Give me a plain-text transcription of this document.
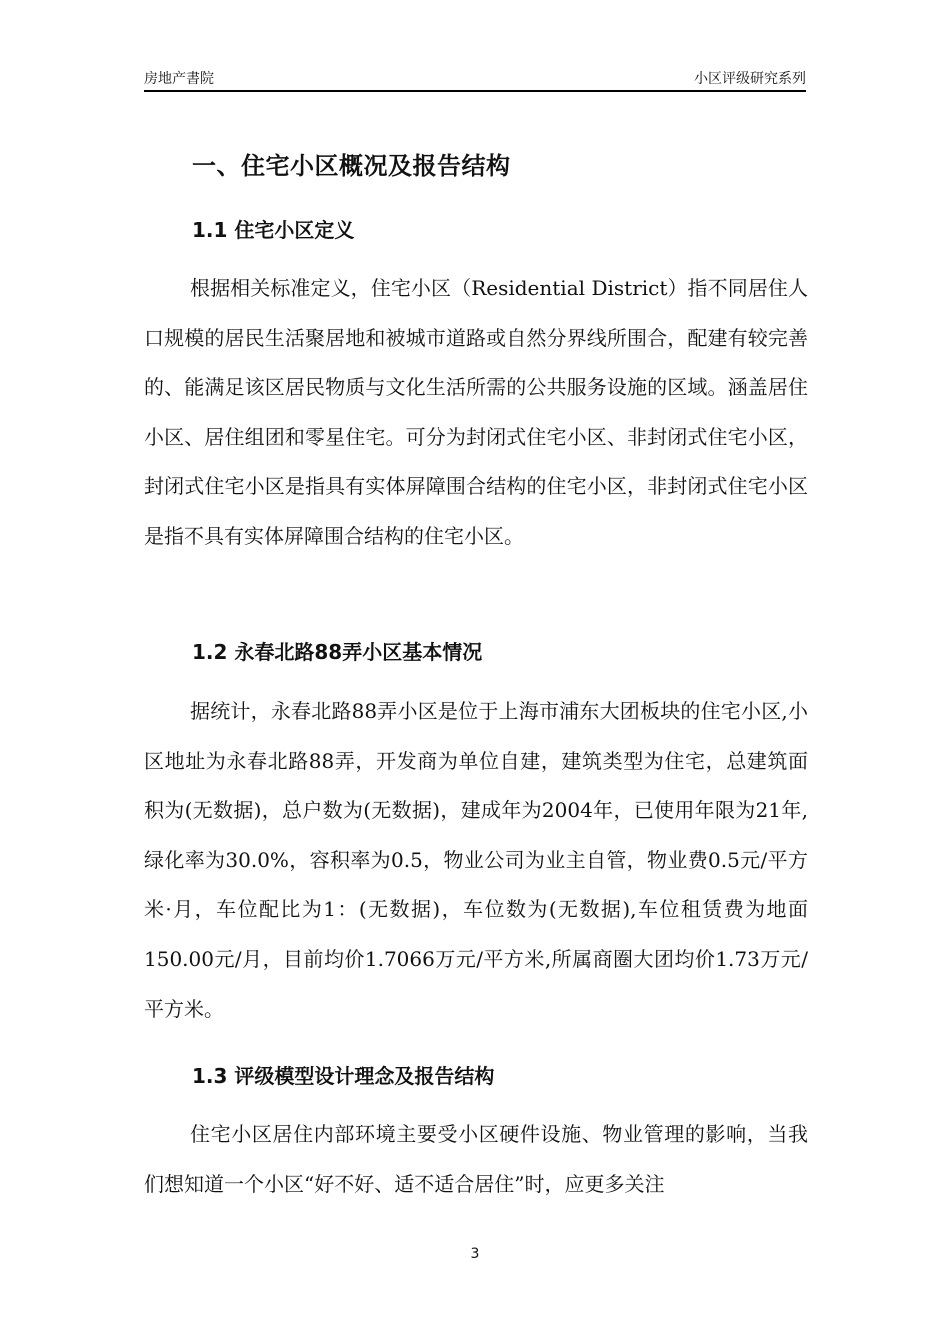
房地产書院	小区评级研究系列
一、住宅小区概况及报告结构
1.1 住宅小区定义

根据相关标准定义，住宅小区（Residential District）指不同居住人口规模的居民生活聚居地和被城市道路或自然分界线所围合，配建有较完善的、能满足该区居民物质与文化生活所需的公共服务设施的区域。涵盖居住小区、居住组团和零星住宅。可分为封闭式住宅小区、非封闭式住宅小区，封闭式住宅小区是指具有实体屏障围合结构的住宅小区，非封闭式住宅小区是指不具有实体屏障围合结构的住宅小区。

1.2 永春北路88弄小区基本情况

据统计，永春北路88弄小区是位于上海市浦东大团板块的住宅小区,小区地址为永春北路88弄，开发商为单位自建，建筑类型为住宅，总建筑面积为(无数据)，总户数为(无数据)，建成年为2004年，已使用年限为21年,绿化率为30.0%，容积率为0.5，物业公司为业主自管，物业费0.5元/平方米·月，车位配比为1：(无数据)，车位数为(无数据),车位租赁费为地面150.00元/月，目前均价1.7066万元/平方米,所属商圈大团均价1.73万元/平方米。

1.3 评级模型设计理念及报告结构

住宅小区居住内部环境主要受小区硬件设施、物业管理的影响，当我们想知道一个小区“好不好、适不适合居住”时，应更多关注

3
